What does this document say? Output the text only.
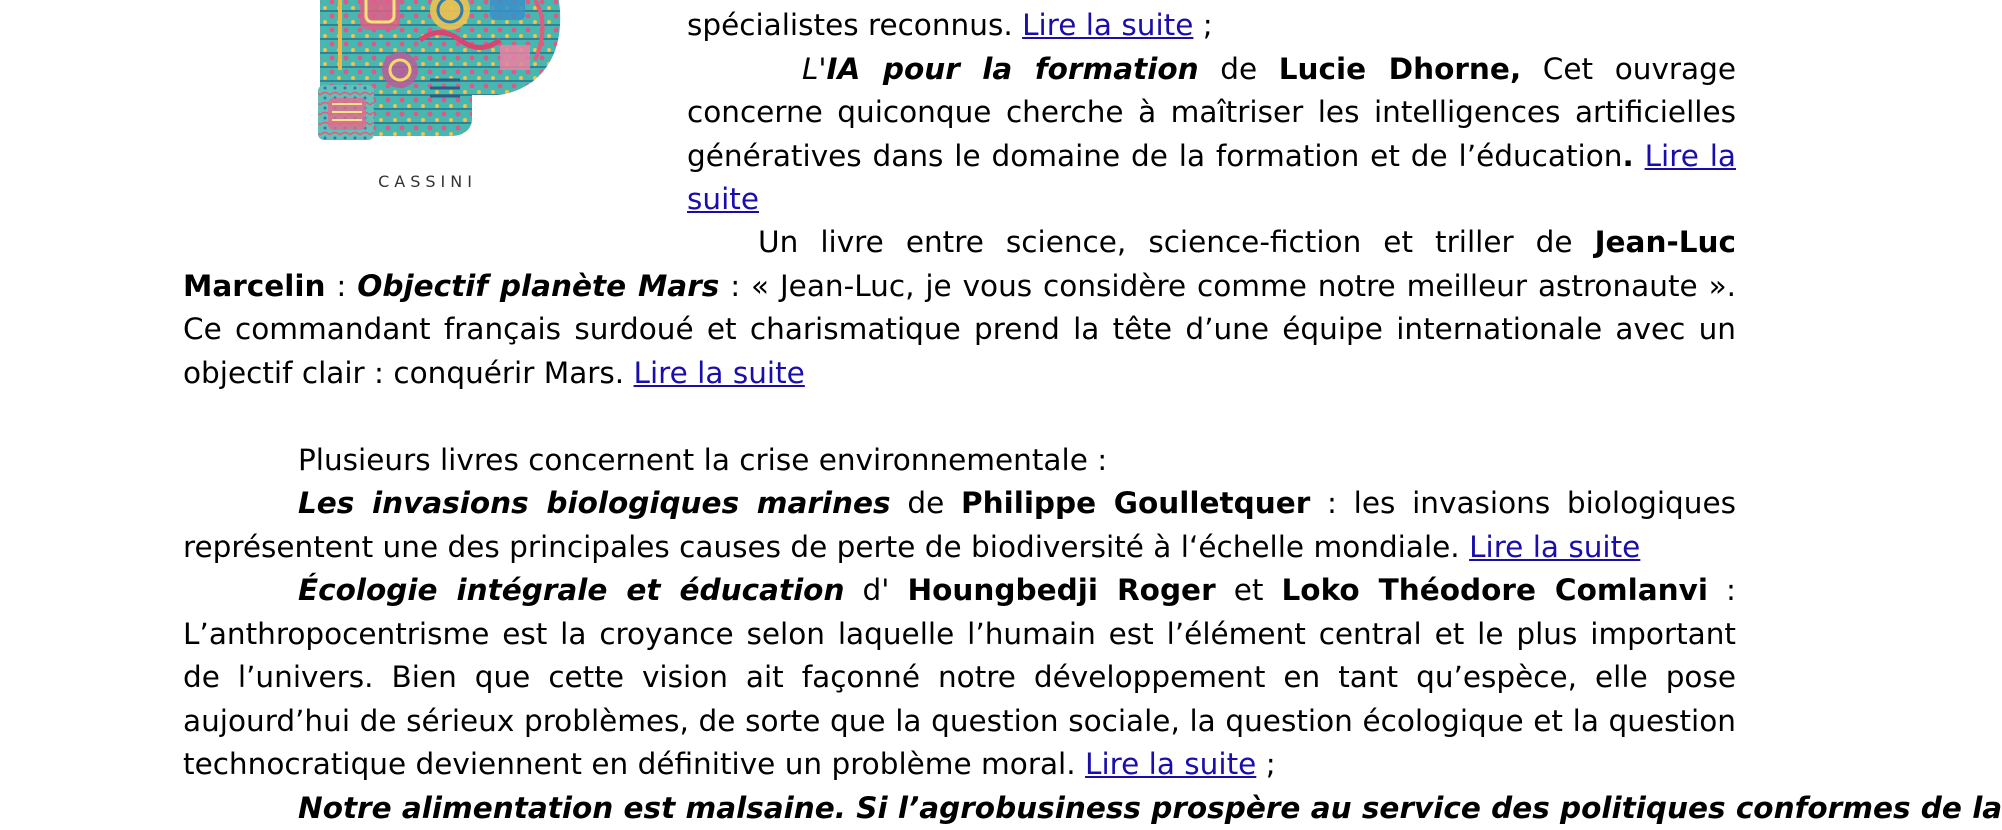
CASSINI

spécialistes reconnus. Lire la suite ;

L'IA pour la formation de Lucie Dhorne, Cet ouvrage concerne quiconque cherche à maîtriser les intelligences artificielles génératives dans le domaine de la formation et de l’éducation. Lire la suite

Un livre entre science, science-fiction et triller de Jean-Luc Marcelin : Objectif planète Mars : « Jean-Luc, je vous considère comme notre meilleur astronaute ». Ce commandant français surdoué et charismatique prend la tête d’une équipe internationale avec un objectif clair : conquérir Mars. Lire la suite

Plusieurs livres concernent la crise environnementale :

Les invasions biologiques marines de Philippe Goulletquer : les invasions biologiques représentent une des principales causes de perte de biodiversité à l‘échelle mondiale. Lire la suite

Écologie intégrale et éducation d' Houngbedji Roger et Loko Théodore Comlanvi : L’anthropocentrisme est la croyance selon laquelle l’humain est l’élément central et le plus important de l’univers. Bien que cette vision ait façonné notre développement en tant qu’espèce, elle pose aujourd’hui de sérieux problèmes, de sorte que la question sociale, la question écologique et la question technocratique deviennent en définitive un problème moral. Lire la suite ;

Notre alimentation est malsaine. Si l’agrobusiness prospère au service des politiques conformes de la
